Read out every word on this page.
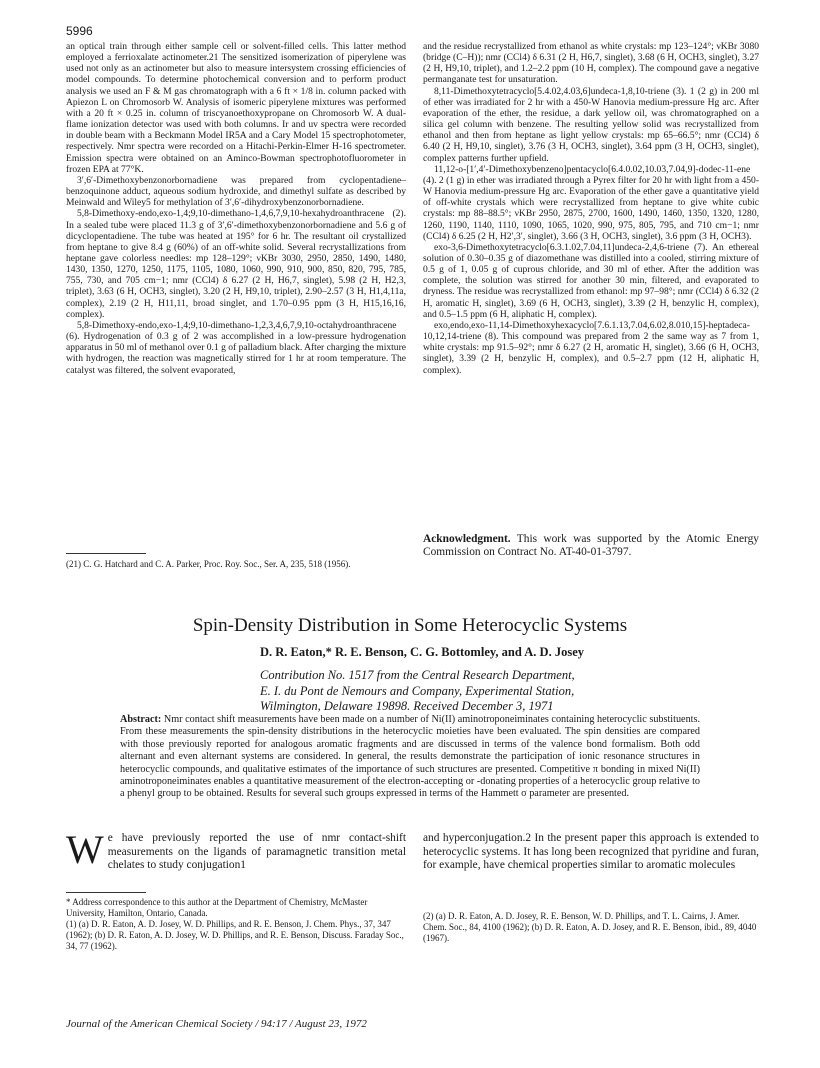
5996

an optical train through either sample cell or solvent-filled cells. This latter method employed a ferrioxalate actinometer.21 The sensitized isomerization of piperylene was used not only as an actinometer but also to measure intersystem crossing efficiencies of model compounds. To determine photochemical conversion and to perform product analysis we used an F & M gas chromatograph with a 6 ft × 1/8 in. column packed with Apiezon L on Chromosorb W. Analysis of isomeric piperylene mixtures was performed with a 20 ft × 0.25 in. column of triscyanoethoxypropane on Chromosorb W. A dual-flame ionization detector was used with both columns. Ir and uv spectra were recorded in double beam with a Beckmann Model IR5A and a Cary Model 15 spectrophotometer, respectively. Nmr spectra were recorded on a Hitachi-Perkin-Elmer H-16 spectrometer. Emission spectra were obtained on an Aminco-Bowman spectrophotofluorometer in frozen EPA at 77°K.

3′,6′-Dimethoxybenzonorbornadiene was prepared from cyclopentadiene–benzoquinone adduct, aqueous sodium hydroxide, and dimethyl sulfate as described by Meinwald and Wiley5 for methylation of 3′,6′-dihydroxybenzonorbornadiene.

5,8-Dimethoxy-endo,exo-1,4;9,10-dimethano-1,4,6,7,9,10-hexahydroanthracene (2). In a sealed tube were placed 11.3 g of 3′,6′-dimethoxybenzonorbornadiene and 5.6 g of dicyclopentadiene. The tube was heated at 195° for 6 hr. The resultant oil crystallized from heptane to give 8.4 g (60%) of an off-white solid. Several recrystallizations from heptane gave colorless needles: mp 128–129°; νKBr 3030, 2950, 2850, 1490, 1480, 1430, 1350, 1270, 1250, 1175, 1105, 1080, 1060, 990, 910, 900, 850, 820, 795, 785, 755, 730, and 705 cm−1; nmr (CCl4) δ 6.27 (2 H, H6,7, singlet), 5.98 (2 H, H2,3, triplet), 3.63 (6 H, OCH3, singlet), 3.20 (2 H, H9,10, triplet), 2.90–2.57 (3 H, H1,4,11a, complex), 2.19 (2 H, H11,11, broad singlet, and 1.70–0.95 ppm (3 H, H15,16,16, complex).

5,8-Dimethoxy-endo,exo-1,4;9,10-dimethano-1,2,3,4,6,7,9,10-octahydroanthracene (6). Hydrogenation of 0.3 g of 2 was accomplished in a low-pressure hydrogenation apparatus in 50 ml of methanol over 0.1 g of palladium black. After charging the mixture with hydrogen, the reaction was magnetically stirred for 1 hr at room temperature. The catalyst was filtered, the solvent evaporated,

(21) C. G. Hatchard and C. A. Parker, Proc. Roy. Soc., Ser. A, 235, 518 (1956).

and the residue recrystallized from ethanol as white crystals: mp 123–124°; νKBr 3080 (bridge (C–H)); nmr (CCl4) δ 6.31 (2 H, H6,7, singlet), 3.68 (6 H, OCH3, singlet), 3.27 (2 H, H9,10, triplet), and 1.2–2.2 ppm (10 H, complex). The compound gave a negative permanganate test for unsaturation.

8,11-Dimethoxytetracyclo[5.4.02,4.03,6]undeca-1,8,10-triene (3). 1 (2 g) in 200 ml of ether was irradiated for 2 hr with a 450-W Hanovia medium-pressure Hg arc. After evaporation of the ether, the residue, a dark yellow oil, was chromatographed on a silica gel column with benzene. The resulting yellow solid was recrystallized from ethanol and then from heptane as light yellow crystals: mp 65–66.5°; nmr (CCl4) δ 6.40 (2 H, H9,10, singlet), 3.76 (3 H, OCH3, singlet), 3.64 ppm (3 H, OCH3, singlet), complex patterns further upfield.

11,12-o-[1′,4′-Dimethoxybenzeno]pentacyclo[6.4.0.02,10.03,7.04,9]-dodec-11-ene (4). 2 (1 g) in ether was irradiated through a Pyrex filter for 20 hr with light from a 450-W Hanovia medium-pressure Hg arc. Evaporation of the ether gave a quantitative yield of off-white crystals which were recrystallized from heptane to give white cubic crystals: mp 88–88.5°; νKBr 2950, 2875, 2700, 1600, 1490, 1460, 1350, 1320, 1280, 1260, 1190, 1140, 1110, 1090, 1065, 1020, 990, 975, 805, 795, and 710 cm−1; nmr (CCl4) δ 6.25 (2 H, H2′,3′, singlet), 3.66 (3 H, OCH3, singlet), 3.6 ppm (3 H, OCH3).

exo-3,6-Dimethoxytetracyclo[6.3.1.02,7.04,11]undeca-2,4,6-triene (7). An ethereal solution of 0.30–0.35 g of diazomethane was distilled into a cooled, stirring mixture of 0.5 g of 1, 0.05 g of cuprous chloride, and 30 ml of ether. After the addition was complete, the solution was stirred for another 30 min, filtered, and evaporated to dryness. The residue was recrystallized from ethanol: mp 97–98°; nmr (CCl4) δ 6.32 (2 H, aromatic H, singlet), 3.69 (6 H, OCH3, singlet), 3.39 (2 H, benzylic H, complex), and 0.5–1.5 ppm (6 H, aliphatic H, complex).

exo,endo,exo-11,14-Dimethoxyhexacyclo[7.6.1.13,7.04,6.02,8.010,15]-heptadeca-10,12,14-triene (8). This compound was prepared from 2 the same way as 7 from 1, white crystals: mp 91.5–92°; nmr δ 6.27 (2 H, aromatic H, singlet), 3.66 (6 H, OCH3, singlet), 3.39 (2 H, benzylic H, complex), and 0.5–2.7 ppm (12 H, aliphatic H, complex).

Acknowledgment. This work was supported by the Atomic Energy Commission on Contract No. AT-40-01-3797.
Spin-Density Distribution in Some Heterocyclic Systems
D. R. Eaton,* R. E. Benson, C. G. Bottomley, and A. D. Josey
Contribution No. 1517 from the Central Research Department,
E. I. du Pont de Nemours and Company, Experimental Station,
Wilmington, Delaware 19898. Received December 3, 1971
Abstract: Nmr contact shift measurements have been made on a number of Ni(II) aminotroponeiminates containing heterocyclic substituents. From these measurements the spin-density distributions in the heterocyclic moieties have been evaluated. The spin densities are compared with those previously reported for analogous aromatic fragments and are discussed in terms of the valence bond formalism. Both odd alternant and even alternant systems are considered. In general, the results demonstrate the participation of ionic resonance structures in heterocyclic compounds, and qualitative estimates of the importance of such structures are presented. Competitive π bonding in mixed Ni(II) aminotroponeiminates enables a quantitative measurement of the electron-accepting or -donating properties of a heterocyclic group relative to a phenyl group to be obtained. Results for several such groups expressed in terms of the Hammett σ parameter are presented.
W e have previously reported the use of nmr contact-shift measurements on the ligands of paramagnetic transition metal chelates to study conjugation1
and hyperconjugation.2 In the present paper this approach is extended to heterocyclic systems. It has long been recognized that pyridine and furan, for example, have chemical properties similar to aromatic molecules

* Address correspondence to this author at the Department of Chemistry, McMaster University, Hamilton, Ontario, Canada.

(1) (a) D. R. Eaton, A. D. Josey, W. D. Phillips, and R. E. Benson, J. Chem. Phys., 37, 347 (1962); (b) D. R. Eaton, A. D. Josey, W. D. Phillips, and R. E. Benson, Discuss. Faraday Soc., 34, 77 (1962).

(2) (a) D. R. Eaton, A. D. Josey, R. E. Benson, W. D. Phillips, and T. L. Cairns, J. Amer. Chem. Soc., 84, 4100 (1962); (b) D. R. Eaton, A. D. Josey, and R. E. Benson, ibid., 89, 4040 (1967).

Journal of the American Chemical Society / 94:17 / August 23, 1972
